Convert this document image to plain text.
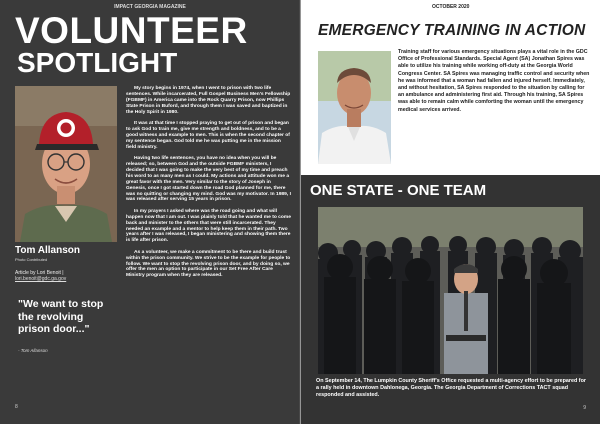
IMPACT GEORGIA MAGAZINE
VOLUNTEER
SPOTLIGHT
Tom Allanson
Photo Contributed
Article by Lori Benoit |
lori.benoit@gdc.ga.gov
"We want to stop the revolving prison door..."
- Tom Allanson

My story begins in 1974, when I went to prison with two life sentences. While incarcerated, Full Gospel Business Men's Fellowship (FGBMF) in America came into the Rock Quarry Prison, now Phillips State Prison in Buford, and through them I was saved and baptized in the Holy Spirit in 1980.

It was at that time I stopped praying to get out of prison and began to ask God to train me, give me strength and boldness, and to be a good witness and example to men. This is when the second chapter of my sentence began. God told me he was putting me in the mission field ministry.

Having two life sentences, you have no idea when you will be released; so, between God and the outside FGBMF ministers, I decided that I was going to make the very best of my time and preach his word to as many men as I could. My actions and attitude won me a great favor with the men. Very similar to the story of Joseph in Genesis, once I got started down the road God planned for me, there was no quitting or changing my mind. God was my motivator. In 1989, I was released after serving 15 years in prison.

In my prayers I asked where was the road going and what will happen now that I am out. I was plainly told that he wanted me to come back and minister to the others that were still incarcerated. They needed an example and a mentor to help keep them in their path. Two years after I was released, I began ministering and showing them there is life after prison.

As a volunteer, we make a commitment to be there and build trust within the prison community. We strive to be the example for people to follow. We want to stop the revolving prison door, and by doing so, we offer the men an option to participate in our Set Free After Care Ministry program when they are released.

8
OCTOBER 2020
EMERGENCY TRAINING IN ACTION
Training staff for various emergency situations plays a vital role in the GDC Office of Professional Standards. Special Agent (SA) Jonathan Spires was able to utilize his training while working off-duty at the Georgia World Congress Center. SA Spires was managing traffic control and security when he was informed that a woman had fallen and injured herself. Immediately, and without hesitation, SA Spires responded to the situation by calling for an ambulance and administering first aid. Through his training, SA Spires was able to remain calm while comforting the woman until the emergency medical services arrived.
ONE STATE - ONE TEAM
On September 14, The Lumpkin County Sheriff's Office requested a multi-agency effort to be prepared for a rally held in downtown Dahlonega, Georgia. The Georgia Department of Corrections TACT squad responded and assisted.
9
